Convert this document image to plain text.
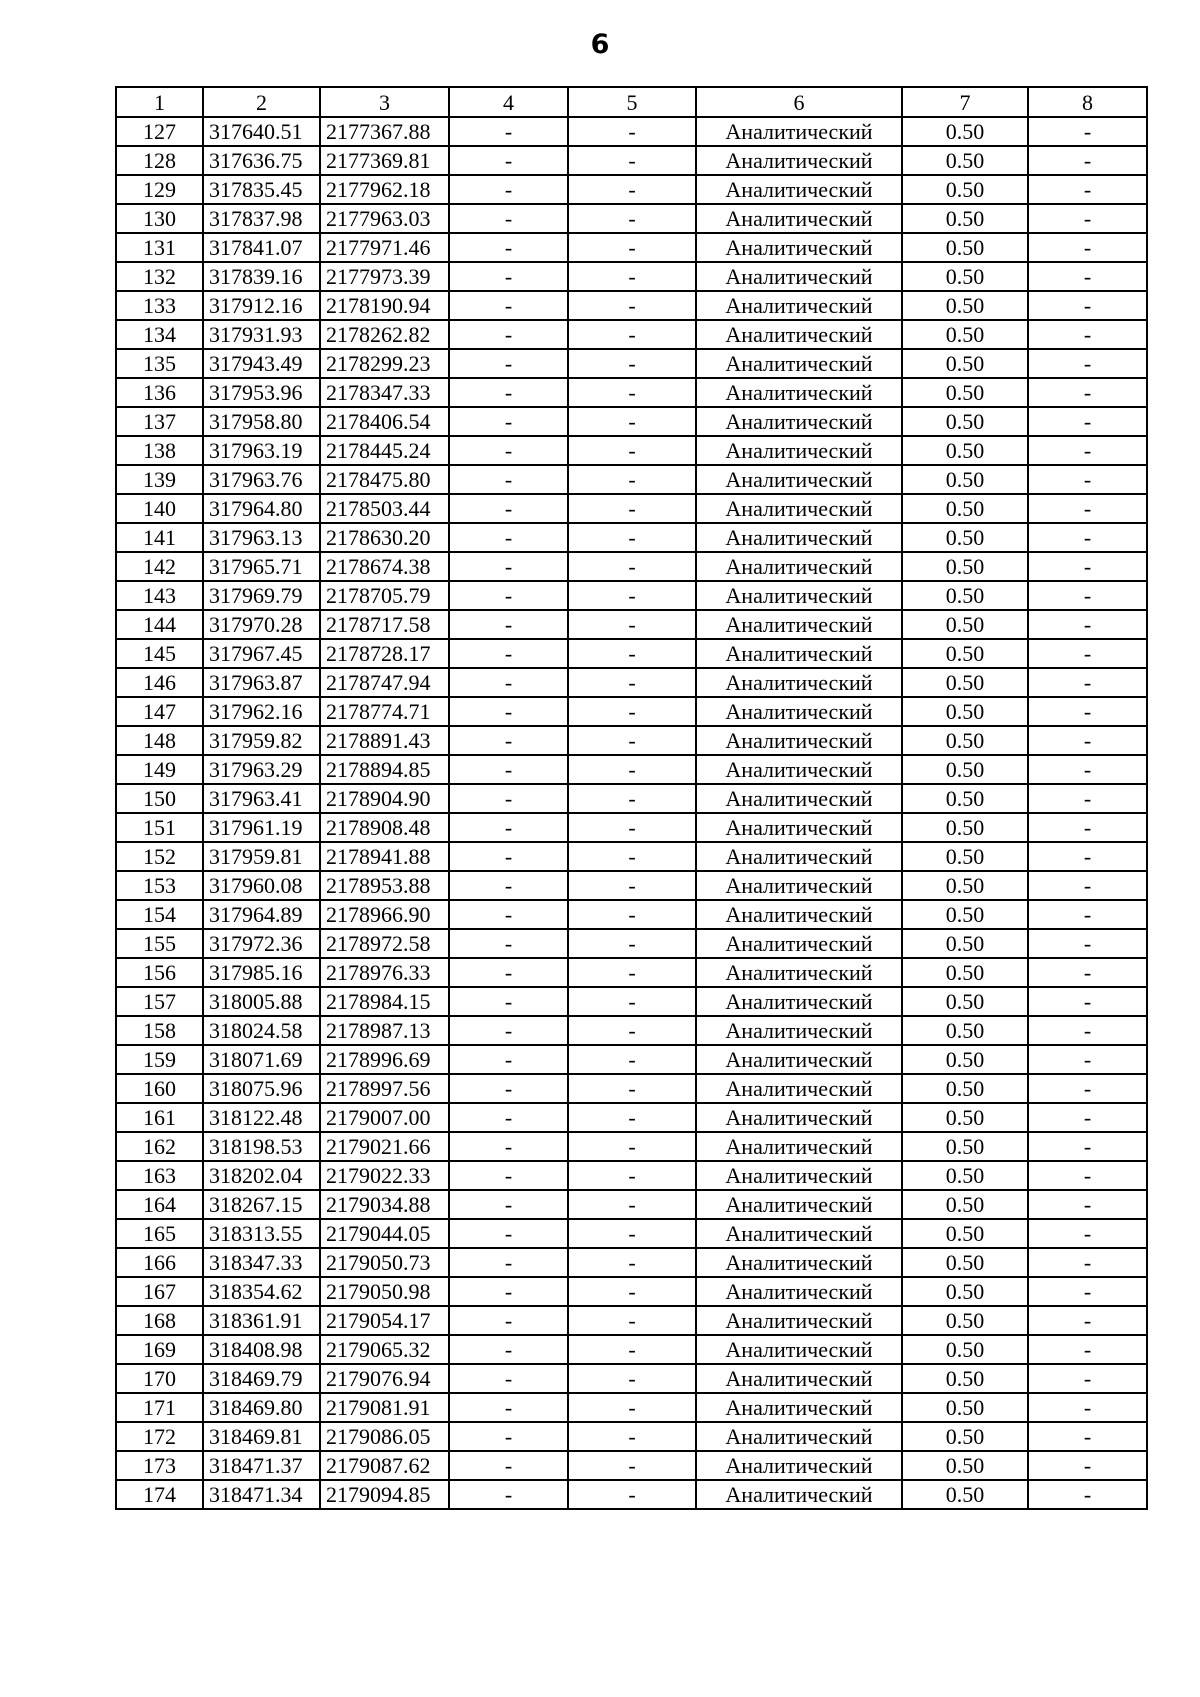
6
1	2	3	4	5	6	7	8
127	317640.51	2177367.88	-	-	Аналитический	0.50	-
128	317636.75	2177369.81	-	-	Аналитический	0.50	-
129	317835.45	2177962.18	-	-	Аналитический	0.50	-
130	317837.98	2177963.03	-	-	Аналитический	0.50	-
131	317841.07	2177971.46	-	-	Аналитический	0.50	-
132	317839.16	2177973.39	-	-	Аналитический	0.50	-
133	317912.16	2178190.94	-	-	Аналитический	0.50	-
134	317931.93	2178262.82	-	-	Аналитический	0.50	-
135	317943.49	2178299.23	-	-	Аналитический	0.50	-
136	317953.96	2178347.33	-	-	Аналитический	0.50	-
137	317958.80	2178406.54	-	-	Аналитический	0.50	-
138	317963.19	2178445.24	-	-	Аналитический	0.50	-
139	317963.76	2178475.80	-	-	Аналитический	0.50	-
140	317964.80	2178503.44	-	-	Аналитический	0.50	-
141	317963.13	2178630.20	-	-	Аналитический	0.50	-
142	317965.71	2178674.38	-	-	Аналитический	0.50	-
143	317969.79	2178705.79	-	-	Аналитический	0.50	-
144	317970.28	2178717.58	-	-	Аналитический	0.50	-
145	317967.45	2178728.17	-	-	Аналитический	0.50	-
146	317963.87	2178747.94	-	-	Аналитический	0.50	-
147	317962.16	2178774.71	-	-	Аналитический	0.50	-
148	317959.82	2178891.43	-	-	Аналитический	0.50	-
149	317963.29	2178894.85	-	-	Аналитический	0.50	-
150	317963.41	2178904.90	-	-	Аналитический	0.50	-
151	317961.19	2178908.48	-	-	Аналитический	0.50	-
152	317959.81	2178941.88	-	-	Аналитический	0.50	-
153	317960.08	2178953.88	-	-	Аналитический	0.50	-
154	317964.89	2178966.90	-	-	Аналитический	0.50	-
155	317972.36	2178972.58	-	-	Аналитический	0.50	-
156	317985.16	2178976.33	-	-	Аналитический	0.50	-
157	318005.88	2178984.15	-	-	Аналитический	0.50	-
158	318024.58	2178987.13	-	-	Аналитический	0.50	-
159	318071.69	2178996.69	-	-	Аналитический	0.50	-
160	318075.96	2178997.56	-	-	Аналитический	0.50	-
161	318122.48	2179007.00	-	-	Аналитический	0.50	-
162	318198.53	2179021.66	-	-	Аналитический	0.50	-
163	318202.04	2179022.33	-	-	Аналитический	0.50	-
164	318267.15	2179034.88	-	-	Аналитический	0.50	-
165	318313.55	2179044.05	-	-	Аналитический	0.50	-
166	318347.33	2179050.73	-	-	Аналитический	0.50	-
167	318354.62	2179050.98	-	-	Аналитический	0.50	-
168	318361.91	2179054.17	-	-	Аналитический	0.50	-
169	318408.98	2179065.32	-	-	Аналитический	0.50	-
170	318469.79	2179076.94	-	-	Аналитический	0.50	-
171	318469.80	2179081.91	-	-	Аналитический	0.50	-
172	318469.81	2179086.05	-	-	Аналитический	0.50	-
173	318471.37	2179087.62	-	-	Аналитический	0.50	-
174	318471.34	2179094.85	-	-	Аналитический	0.50	-
